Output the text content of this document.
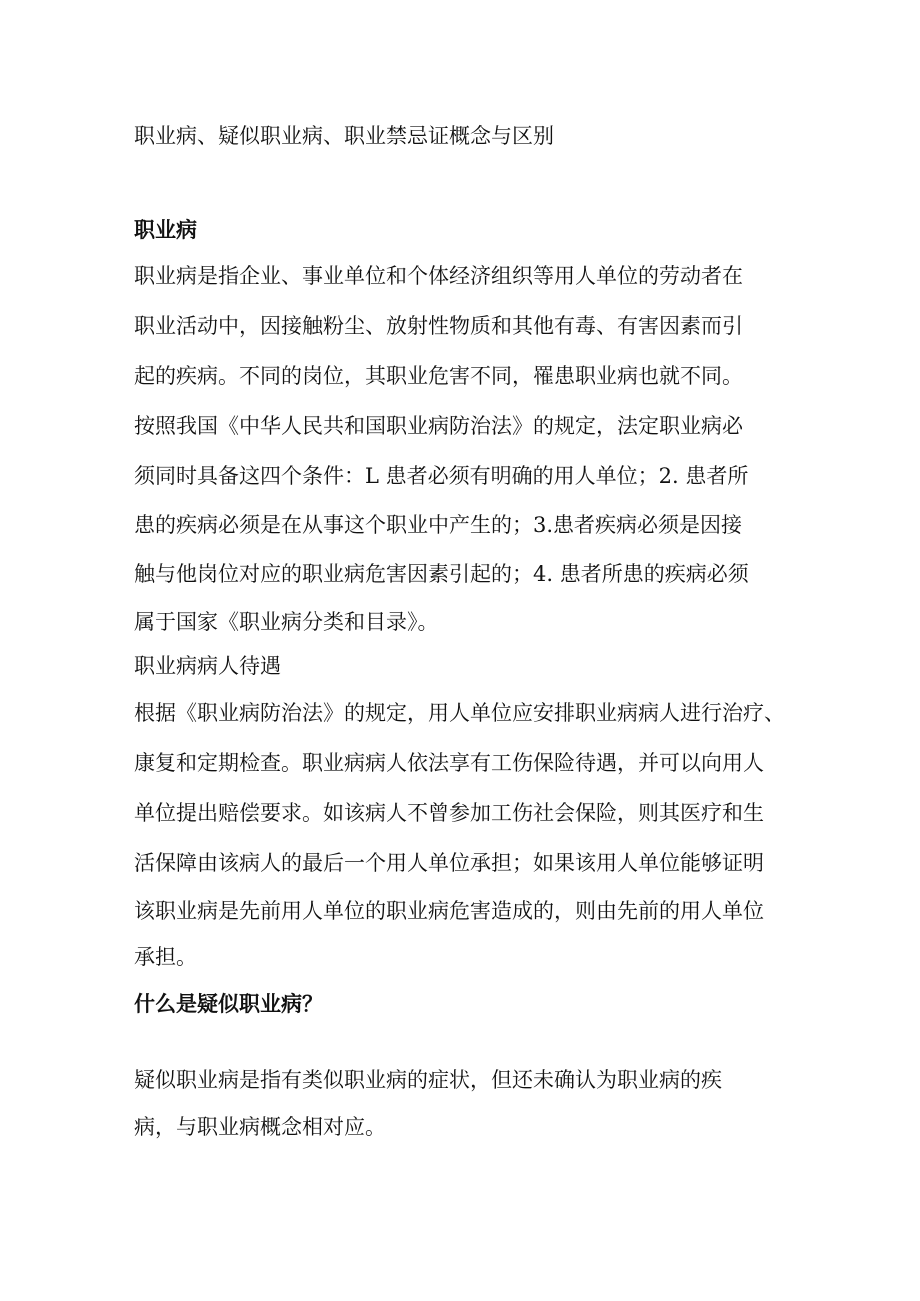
职业病、疑似职业病、职业禁忌证概念与区别
职业病
职业病是指企业、事业单位和个体经济组织等用人单位的劳动者在
职业活动中，因接触粉尘、放射性物质和其他有毒、有害因素而引
起的疾病。不同的岗位，其职业危害不同，罹患职业病也就不同。
按照我国《中华人民共和国职业病防治法》的规定，法定职业病必
须同时具备这四个条件：L 患者必须有明确的用人单位；2. 患者所
患的疾病必须是在从事这个职业中产生的；3.患者疾病必须是因接
触与他岗位对应的职业病危害因素引起的；4. 患者所患的疾病必须
属于国家《职业病分类和目录》。
职业病病人待遇
根据《职业病防治法》的规定，用人单位应安排职业病病人进行治疗、
康复和定期检查。职业病病人依法享有工伤保险待遇，并可以向用人
单位提出赔偿要求。如该病人不曾参加工伤社会保险，则其医疗和生
活保障由该病人的最后一个用人单位承担；如果该用人单位能够证明
该职业病是先前用人单位的职业病危害造成的，则由先前的用人单位
承担。
什么是疑似职业病？
疑似职业病是指有类似职业病的症状，但还未确认为职业病的疾
病，与职业病概念相对应。
